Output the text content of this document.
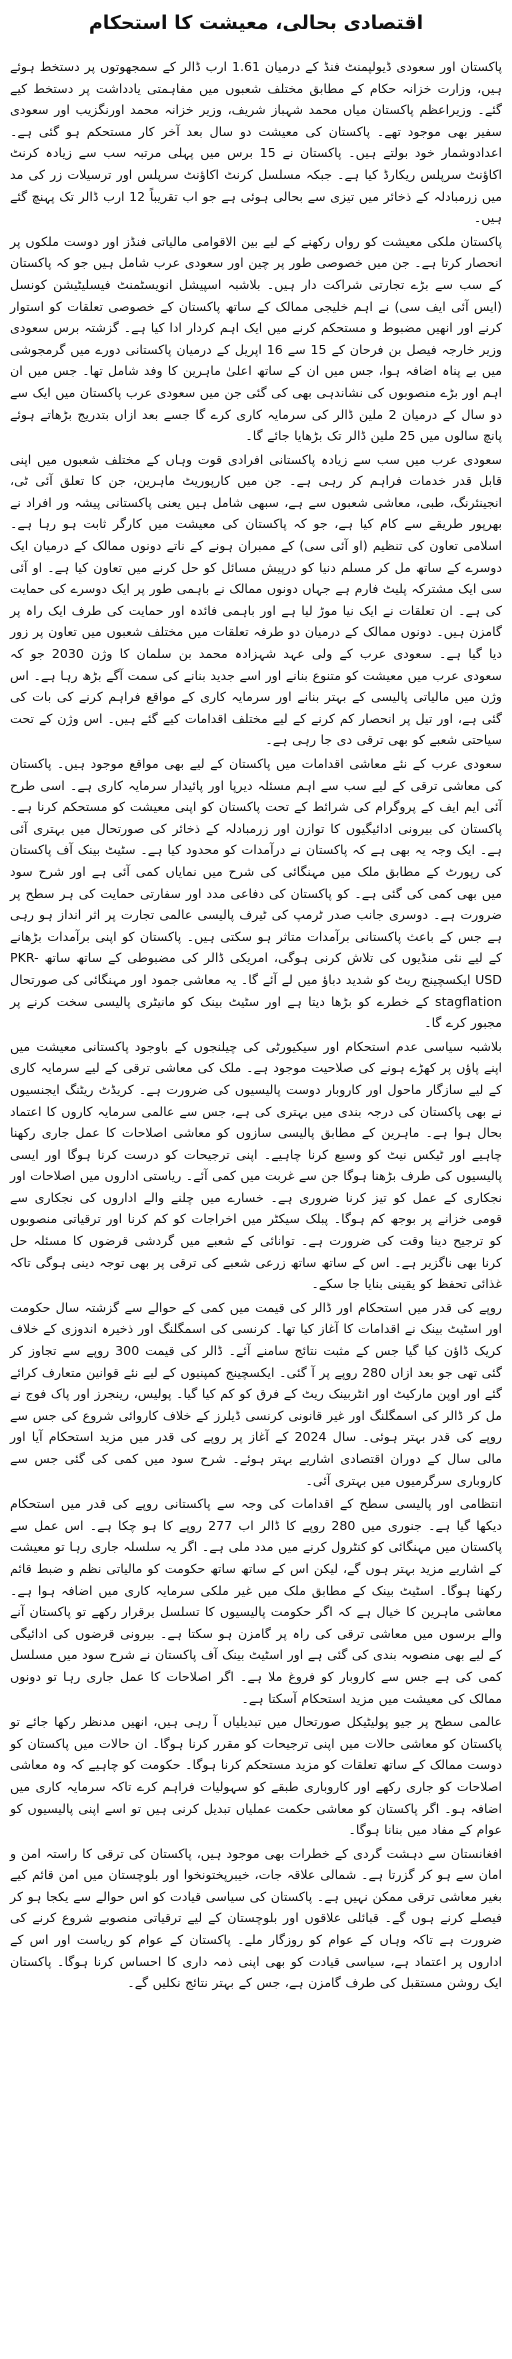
اقتصادی بحالی، معیشت کا استحکام

پاکستان اور سعودی ڈیولپمنٹ فنڈ کے درمیان 1.61 ارب ڈالر کے سمجھوتوں پر دستخط ہوئے ہیں، وزارت خزانہ حکام کے مطابق مختلف شعبوں میں مفاہمتی یادداشت پر دستخط کیے گئے۔ وزیراعظم پاکستان میاں محمد شہباز شریف، وزیر خزانہ محمد اورنگزیب اور سعودی سفیر بھی موجود تھے۔ پاکستان کی معیشت دو سال بعد آخر کار مستحکم ہو گئی ہے۔ اعدادوشمار خود بولتے ہیں۔ پاکستان نے 15 برس میں پہلی مرتبہ سب سے زیادہ کرنٹ اکاؤنٹ سرپلس ریکارڈ کیا ہے۔ جبکہ مسلسل کرنٹ اکاؤنٹ سرپلس اور ترسیلات زر کی مد میں زرمبادلہ کے ذخائر میں تیزی سے بحالی ہوئی ہے جو اب تقریباً 12 ارب ڈالر تک پہنچ گئے ہیں۔

پاکستان ملکی معیشت کو رواں رکھنے کے لیے بین الاقوامی مالیاتی فنڈز اور دوست ملکوں پر انحصار کرتا ہے۔ جن میں خصوصی طور پر چین اور سعودی عرب شامل ہیں جو کہ پاکستان کے سب سے بڑے تجارتی شراکت دار ہیں۔ بلاشبہ اسپیشل انویسٹمنٹ فیسلیٹیشن کونسل (ایس آئی ایف سی) نے اہم خلیجی ممالک کے ساتھ پاکستان کے خصوصی تعلقات کو استوار کرنے اور انھیں مضبوط و مستحکم کرنے میں ایک اہم کردار ادا کیا ہے۔ گزشتہ برس سعودی وزیر خارجہ فیصل بن فرحان کے 15 سے 16 اپریل کے درمیان پاکستانی دورے میں گرمجوشی میں بے پناہ اضافہ ہوا، جس میں ان کے ساتھ اعلیٰ ماہرین کا وفد شامل تھا۔ جس میں ان اہم اور بڑے منصوبوں کی نشاندہی بھی کی گئی جن میں سعودی عرب پاکستان میں ایک سے دو سال کے درمیان 2 ملین ڈالر کی سرمایہ کاری کرے گا جسے بعد ازاں بتدریج بڑھاتے ہوئے پانچ سالوں میں 25 ملین ڈالر تک بڑھایا جائے گا۔

سعودی عرب میں سب سے زیادہ پاکستانی افرادی قوت وہاں کے مختلف شعبوں میں اپنی قابل قدر خدمات فراہم کر رہی ہے۔ جن میں کارپوریٹ ماہرین، جن کا تعلق آئی ٹی، انجینئرنگ، طبی، معاشی شعبوں سے ہے، سبھی شامل ہیں یعنی پاکستانی پیشہ ور افراد نے بھرپور طریقے سے کام کیا ہے، جو کہ پاکستان کی معیشت میں کارگر ثابت ہو رہا ہے۔ اسلامی تعاون کی تنظیم (او آئی سی) کے ممبران ہونے کے ناتے دونوں ممالک کے درمیان ایک دوسرے کے ساتھ مل کر مسلم دنیا کو درپیش مسائل کو حل کرنے میں تعاون کیا ہے۔ او آئی سی ایک مشترکہ پلیٹ فارم ہے جہاں دونوں ممالک نے باہمی طور پر ایک دوسرے کی حمایت کی ہے۔ ان تعلقات نے ایک نیا موڑ لیا ہے اور باہمی فائدہ اور حمایت کی طرف ایک راہ پر گامزن ہیں۔ دونوں ممالک کے درمیان دو طرفہ تعلقات میں مختلف شعبوں میں تعاون پر زور دیا گیا ہے۔ سعودی عرب کے ولی عہد شہزادہ محمد بن سلمان کا وژن 2030 جو کہ سعودی عرب میں معیشت کو متنوع بنانے اور اسے جدید بنانے کی سمت آگے بڑھ رہا ہے۔ اس وژن میں مالیاتی پالیسی کے بہتر بنانے اور سرمایہ کاری کے مواقع فراہم کرنے کی بات کی گئی ہے، اور تیل پر انحصار کم کرنے کے لیے مختلف اقدامات کیے گئے ہیں۔ اس وژن کے تحت سیاحتی شعبے کو بھی ترقی دی جا رہی ہے۔

سعودی عرب کے نئے معاشی اقدامات میں پاکستان کے لیے بھی مواقع موجود ہیں۔ پاکستان کی معاشی ترقی کے لیے سب سے اہم مسئلہ دیرپا اور پائیدار سرمایہ کاری ہے۔ اسی طرح آئی ایم ایف کے پروگرام کی شرائط کے تحت پاکستان کو اپنی معیشت کو مستحکم کرنا ہے۔ پاکستان کی بیرونی ادائیگیوں کا توازن اور زرمبادلہ کے ذخائر کی صورتحال میں بہتری آئی ہے۔ ایک وجہ یہ بھی ہے کہ پاکستان نے درآمدات کو محدود کیا ہے۔ سٹیٹ بینک آف پاکستان کی رپورٹ کے مطابق ملک میں مہنگائی کی شرح میں نمایاں کمی آئی ہے اور شرح سود میں بھی کمی کی گئی ہے۔ کو پاکستان کی دفاعی مدد اور سفارتی حمایت کی ہر سطح پر ضرورت ہے۔ دوسری جانب صدر ٹرمپ کی ٹیرف پالیسی عالمی تجارت پر اثر انداز ہو رہی ہے جس کے باعث پاکستانی برآمدات متاثر ہو سکتی ہیں۔ پاکستان کو اپنی برآمدات بڑھانے کے لیے نئی منڈیوں کی تلاش کرنی ہوگی، امریکی ڈالر کی مضبوطی کے ساتھ ساتھ PKR-USD ایکسچینج ریٹ کو شدید دباؤ میں لے آئے گا۔ یہ معاشی جمود اور مہنگائی کی صورتحال stagflation کے خطرے کو بڑھا دیتا ہے اور سٹیٹ بینک کو مانیٹری پالیسی سخت کرنے پر مجبور کرے گا۔

بلاشبہ سیاسی عدم استحکام اور سیکیورٹی کی چیلنجوں کے باوجود پاکستانی معیشت میں اپنے پاؤں پر کھڑے ہونے کی صلاحیت موجود ہے۔ ملک کی معاشی ترقی کے لیے سرمایہ کاری کے لیے سازگار ماحول اور کاروبار دوست پالیسیوں کی ضرورت ہے۔ کریڈٹ ریٹنگ ایجنسیوں نے بھی پاکستان کی درجہ بندی میں بہتری کی ہے، جس سے عالمی سرمایہ کاروں کا اعتماد بحال ہوا ہے۔ ماہرین کے مطابق پالیسی سازوں کو معاشی اصلاحات کا عمل جاری رکھنا چاہیے اور ٹیکس نیٹ کو وسیع کرنا چاہیے۔ اپنی ترجیحات کو درست کرنا ہوگا اور ایسی پالیسیوں کی طرف بڑھنا ہوگا جن سے غربت میں کمی آئے۔ ریاستی اداروں میں اصلاحات اور نجکاری کے عمل کو تیز کرنا ضروری ہے۔ خسارے میں چلنے والے اداروں کی نجکاری سے قومی خزانے پر بوجھ کم ہوگا۔ پبلک سیکٹر میں اخراجات کو کم کرنا اور ترقیاتی منصوبوں کو ترجیح دینا وقت کی ضرورت ہے۔ توانائی کے شعبے میں گردشی قرضوں کا مسئلہ حل کرنا بھی ناگزیر ہے۔ اس کے ساتھ ساتھ زرعی شعبے کی ترقی پر بھی توجہ دینی ہوگی تاکہ غذائی تحفظ کو یقینی بنایا جا سکے۔

روپے کی قدر میں استحکام اور ڈالر کی قیمت میں کمی کے حوالے سے گزشتہ سال حکومت اور اسٹیٹ بینک نے اقدامات کا آغاز کیا تھا۔ کرنسی کی اسمگلنگ اور ذخیرہ اندوزی کے خلاف کریک ڈاؤن کیا گیا جس کے مثبت نتائج سامنے آئے۔ ڈالر کی قیمت 300 روپے سے تجاوز کر گئی تھی جو بعد ازاں 280 روپے پر آ گئی۔ ایکسچینج کمپنیوں کے لیے نئے قوانین متعارف کرائے گئے اور اوپن مارکیٹ اور انٹربینک ریٹ کے فرق کو کم کیا گیا۔ پولیس، رینجرز اور پاک فوج نے مل کر ڈالر کی اسمگلنگ اور غیر قانونی کرنسی ڈیلرز کے خلاف کاروائی شروع کی جس سے روپے کی قدر بہتر ہوئی۔ سال 2024 کے آغاز پر روپے کی قدر میں مزید استحکام آیا اور مالی سال کے دوران اقتصادی اشاریے بہتر ہوئے۔ شرح سود میں کمی کی گئی جس سے کاروباری سرگرمیوں میں بہتری آئی۔

انتظامی اور پالیسی سطح کے اقدامات کی وجہ سے پاکستانی روپے کی قدر میں استحکام دیکھا گیا ہے۔ جنوری میں 280 روپے کا ڈالر اب 277 روپے کا ہو چکا ہے۔ اس عمل سے پاکستان میں مہنگائی کو کنٹرول کرنے میں مدد ملی ہے۔ اگر یہ سلسلہ جاری رہا تو معیشت کے اشاریے مزید بہتر ہوں گے، لیکن اس کے ساتھ ساتھ حکومت کو مالیاتی نظم و ضبط قائم رکھنا ہوگا۔ اسٹیٹ بینک کے مطابق ملک میں غیر ملکی سرمایہ کاری میں اضافہ ہوا ہے۔ معاشی ماہرین کا خیال ہے کہ اگر حکومت پالیسیوں کا تسلسل برقرار رکھے تو پاکستان آنے والے برسوں میں معاشی ترقی کی راہ پر گامزن ہو سکتا ہے۔ بیرونی قرضوں کی ادائیگی کے لیے بھی منصوبہ بندی کی گئی ہے اور اسٹیٹ بینک آف پاکستان نے شرح سود میں مسلسل کمی کی ہے جس سے کاروبار کو فروغ ملا ہے۔ اگر اصلاحات کا عمل جاری رہا تو دونوں ممالک کی معیشت میں مزید استحکام آسکتا ہے۔

عالمی سطح پر جیو پولیٹیکل صورتحال میں تبدیلیاں آ رہی ہیں، انھیں مدنظر رکھا جائے تو پاکستان کو معاشی حالات میں اپنی ترجیحات کو مقرر کرنا ہوگا۔ ان حالات میں پاکستان کو دوست ممالک کے ساتھ تعلقات کو مزید مستحکم کرنا ہوگا۔ حکومت کو چاہیے کہ وہ معاشی اصلاحات کو جاری رکھے اور کاروباری طبقے کو سہولیات فراہم کرے تاکہ سرمایہ کاری میں اضافہ ہو۔ اگر پاکستان کو معاشی حکمت عملیاں تبدیل کرنی ہیں تو اسے اپنی پالیسیوں کو عوام کے مفاد میں بنانا ہوگا۔

افغانستان سے دہشت گردی کے خطرات بھی موجود ہیں، پاکستان کی ترقی کا راستہ امن و امان سے ہو کر گزرتا ہے۔ شمالی علاقہ جات، خیبرپختونخوا اور بلوچستان میں امن قائم کیے بغیر معاشی ترقی ممکن نہیں ہے۔ پاکستان کی سیاسی قیادت کو اس حوالے سے یکجا ہو کر فیصلے کرنے ہوں گے۔ قبائلی علاقوں اور بلوچستان کے لیے ترقیاتی منصوبے شروع کرنے کی ضرورت ہے تاکہ وہاں کے عوام کو روزگار ملے۔ پاکستان کے عوام کو ریاست اور اس کے اداروں پر اعتماد ہے، سیاسی قیادت کو بھی اپنی ذمہ داری کا احساس کرنا ہوگا۔ پاکستان ایک روشن مستقبل کی طرف گامزن ہے، جس کے بہتر نتائج نکلیں گے۔
